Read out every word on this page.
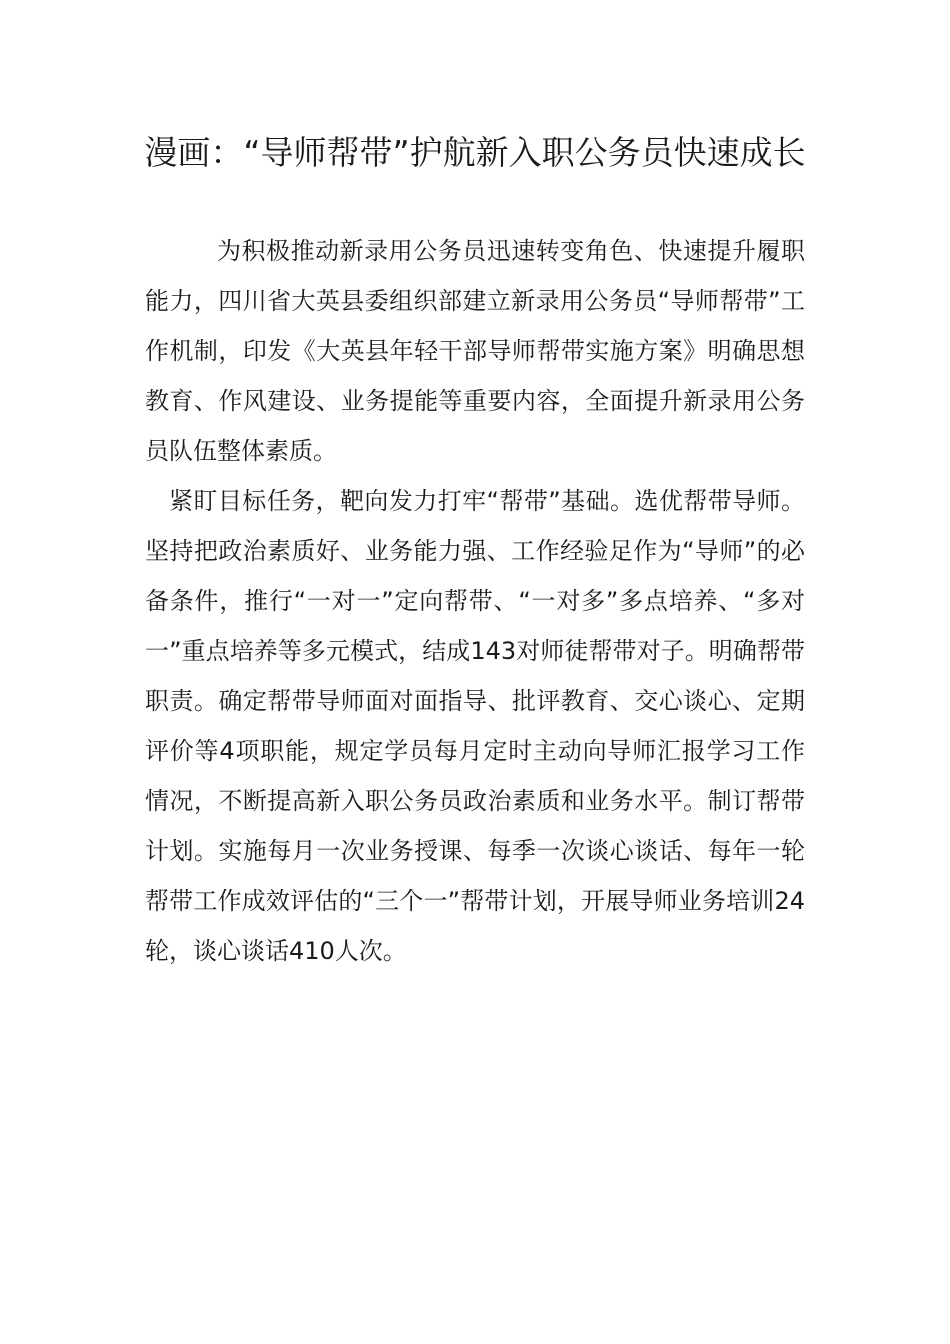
漫画：“导师帮带”护航新入职公务员快速成长

为积极推动新录用公务员迅速转变角色、快速提升履职能力，四川省大英县委组织部建立新录用公务员“导师帮带”工作机制，印发《大英县年轻干部导师帮带实施方案》明确思想教育、作风建设、业务提能等重要内容，全面提升新录用公务员队伍整体素质。

紧盯目标任务，靶向发力打牢“帮带”基础。选优帮带导师。坚持把政治素质好、业务能力强、工作经验足作为“导师”的必备条件，推行“一对一”定向帮带、“一对多”多点培养、“多对一”重点培养等多元模式，结成143对师徒帮带对子。明确帮带职责。确定帮带导师面对面指导、批评教育、交心谈心、定期评价等4项职能，规定学员每月定时主动向导师汇报学习工作情况，不断提高新入职公务员政治素质和业务水平。制订帮带计划。实施每月一次业务授课、每季一次谈心谈话、每年一轮帮带工作成效评估的“三个一”帮带计划，开展导师业务培训24轮，谈心谈话410人次。
